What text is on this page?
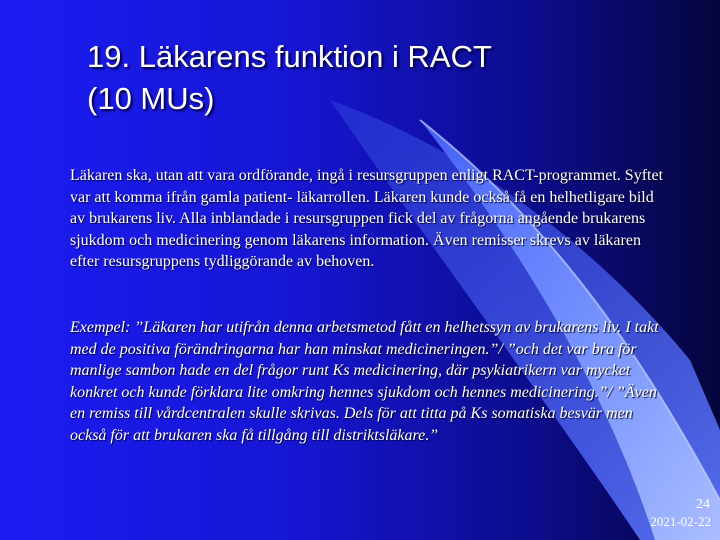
19. Läkarens funktion i RACT
(10 MUs)
Läkaren ska, utan att vara ordförande, ingå i resursgruppen enligt RACT-programmet. Syftet var att komma ifrån gamla patient- läkarrollen. Läkaren kunde också få en helhetligare bild av brukarens liv. Alla inblandade i resursgruppen fick del av frågorna angående brukarens sjukdom och medicinering genom läkarens information. Även remisser skrevs av läkaren efter resursgruppens tydliggörande av behoven.
Exempel: ”Läkaren har utifrån denna arbetsmetod fått en helhetssyn av brukarens liv. I takt med de positiva förändringarna har han minskat medicineringen.”/ ”och det var bra för manlige sambon hade en del frågor runt Ks medicinering, där psykiatrikern var mycket konkret och kunde förklara lite omkring hennes sjukdom och hennes medicinering.”/ ”Även en remiss till vårdcentralen skulle skrivas. Dels för att titta på Ks somatiska besvär men också för att brukaren ska få tillgång till distriktsläkare.”
24
2021-02-22
